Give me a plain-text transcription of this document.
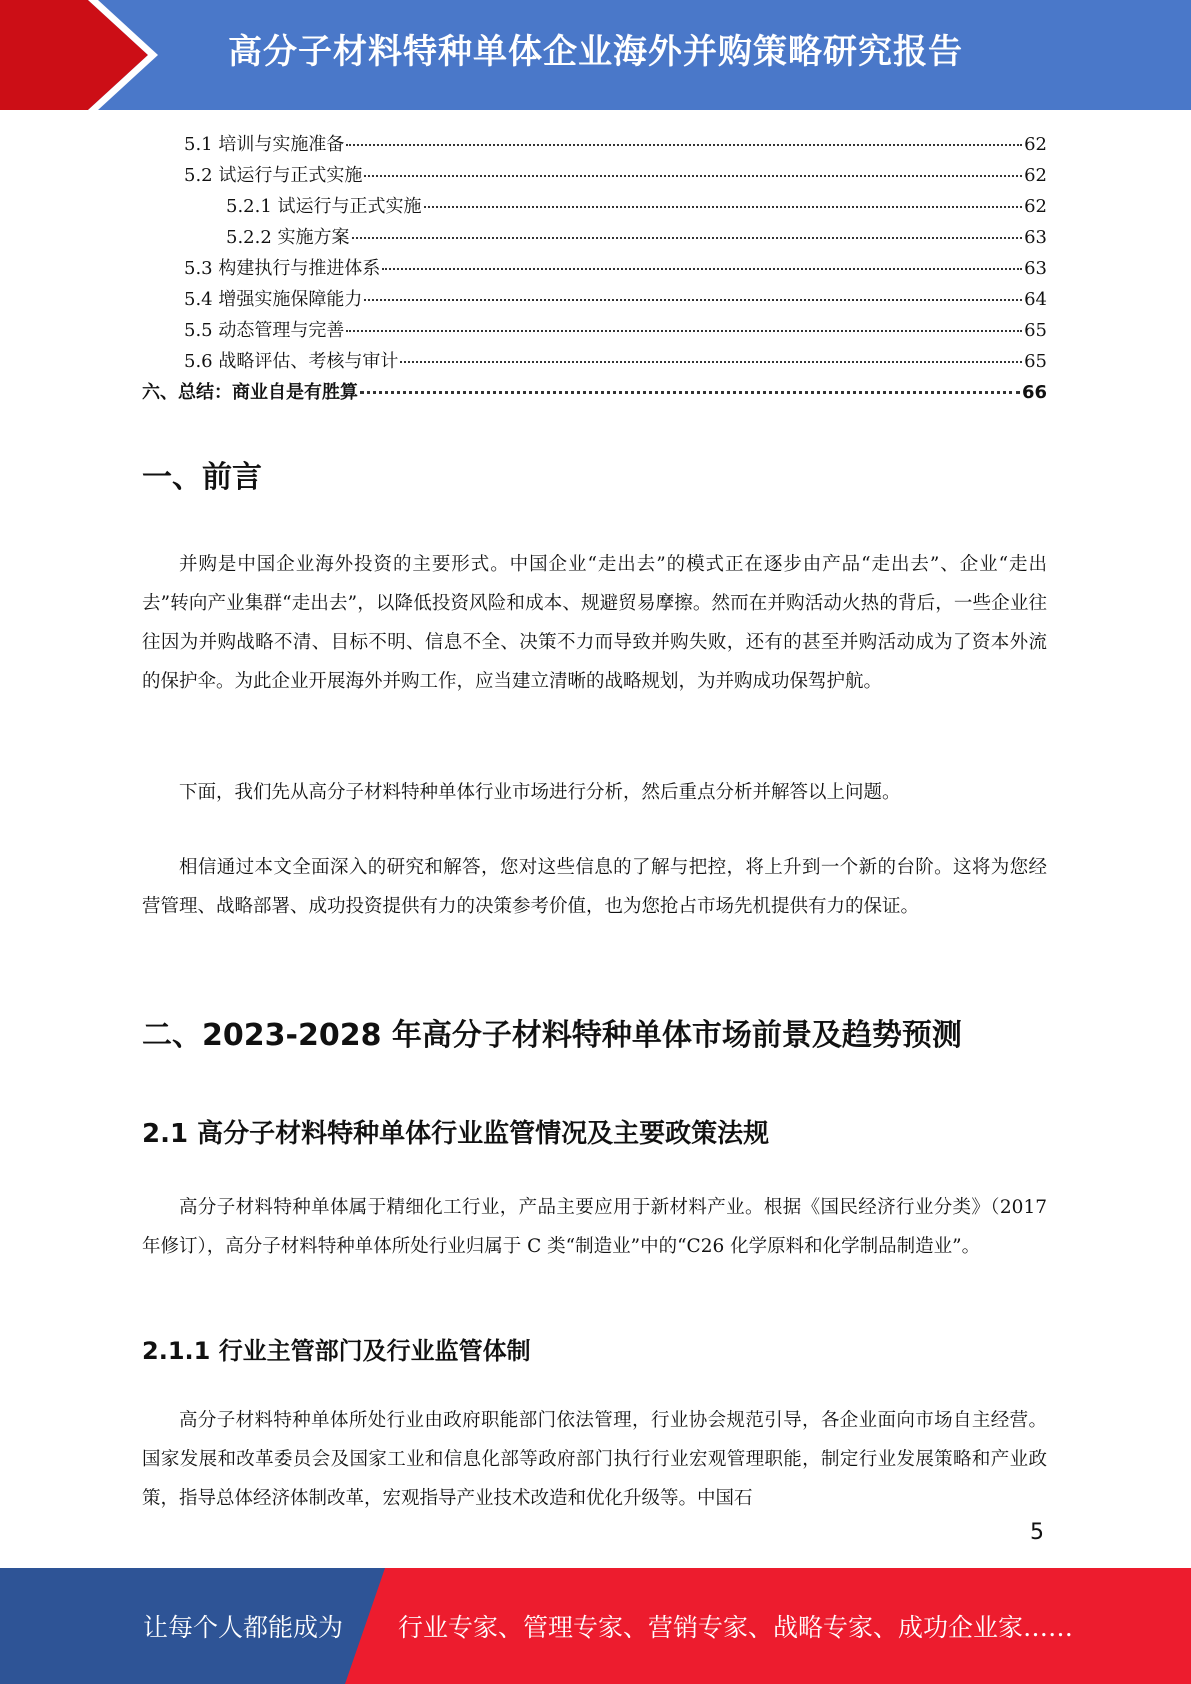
高分子材料特种单体企业海外并购策略研究报告
5.1 培训与实施准备	62
5.2 试运行与正式实施	62
5.2.1 试运行与正式实施	62
5.2.2 实施方案	63
5.3 构建执行与推进体系	63
5.4 增强实施保障能力	64
5.5 动态管理与完善	65
5.6 战略评估、考核与审计	65
六、总结：商业自是有胜算	66
一、前言

并购是中国企业海外投资的主要形式。中国企业“走出去”的模式正在逐步由产品“走出去”、企业“走出去”转向产业集群“走出去”，以降低投资风险和成本、规避贸易摩擦。然而在并购活动火热的背后，一些企业往往因为并购战略不清、目标不明、信息不全、决策不力而导致并购失败，还有的甚至并购活动成为了资本外流的保护伞。为此企业开展海外并购工作，应当建立清晰的战略规划，为并购成功保驾护航。

下面，我们先从高分子材料特种单体行业市场进行分析，然后重点分析并解答以上问题。

相信通过本文全面深入的研究和解答，您对这些信息的了解与把控，将上升到一个新的台阶。这将为您经营管理、战略部署、成功投资提供有力的决策参考价值，也为您抢占市场先机提供有力的保证。

二、2023-2028 年高分子材料特种单体市场前景及趋势预测
2.1 高分子材料特种单体行业监管情况及主要政策法规

高分子材料特种单体属于精细化工行业，产品主要应用于新材料产业。根据《国民经济行业分类》（2017 年修订），高分子材料特种单体所处行业归属于 C 类“制造业”中的“C26 化学原料和化学制品制造业”。

2.1.1 行业主管部门及行业监管体制

高分子材料特种单体所处行业由政府职能部门依法管理，行业协会规范引导，各企业面向市场自主经营。国家发展和改革委员会及国家工业和信息化部等政府部门执行行业宏观管理职能，制定行业发展策略和产业政策，指导总体经济体制改革，宏观指导产业技术改造和优化升级等。中国石

5
让每个人都能成为 行业专家、管理专家、营销专家、战略专家、成功企业家……
